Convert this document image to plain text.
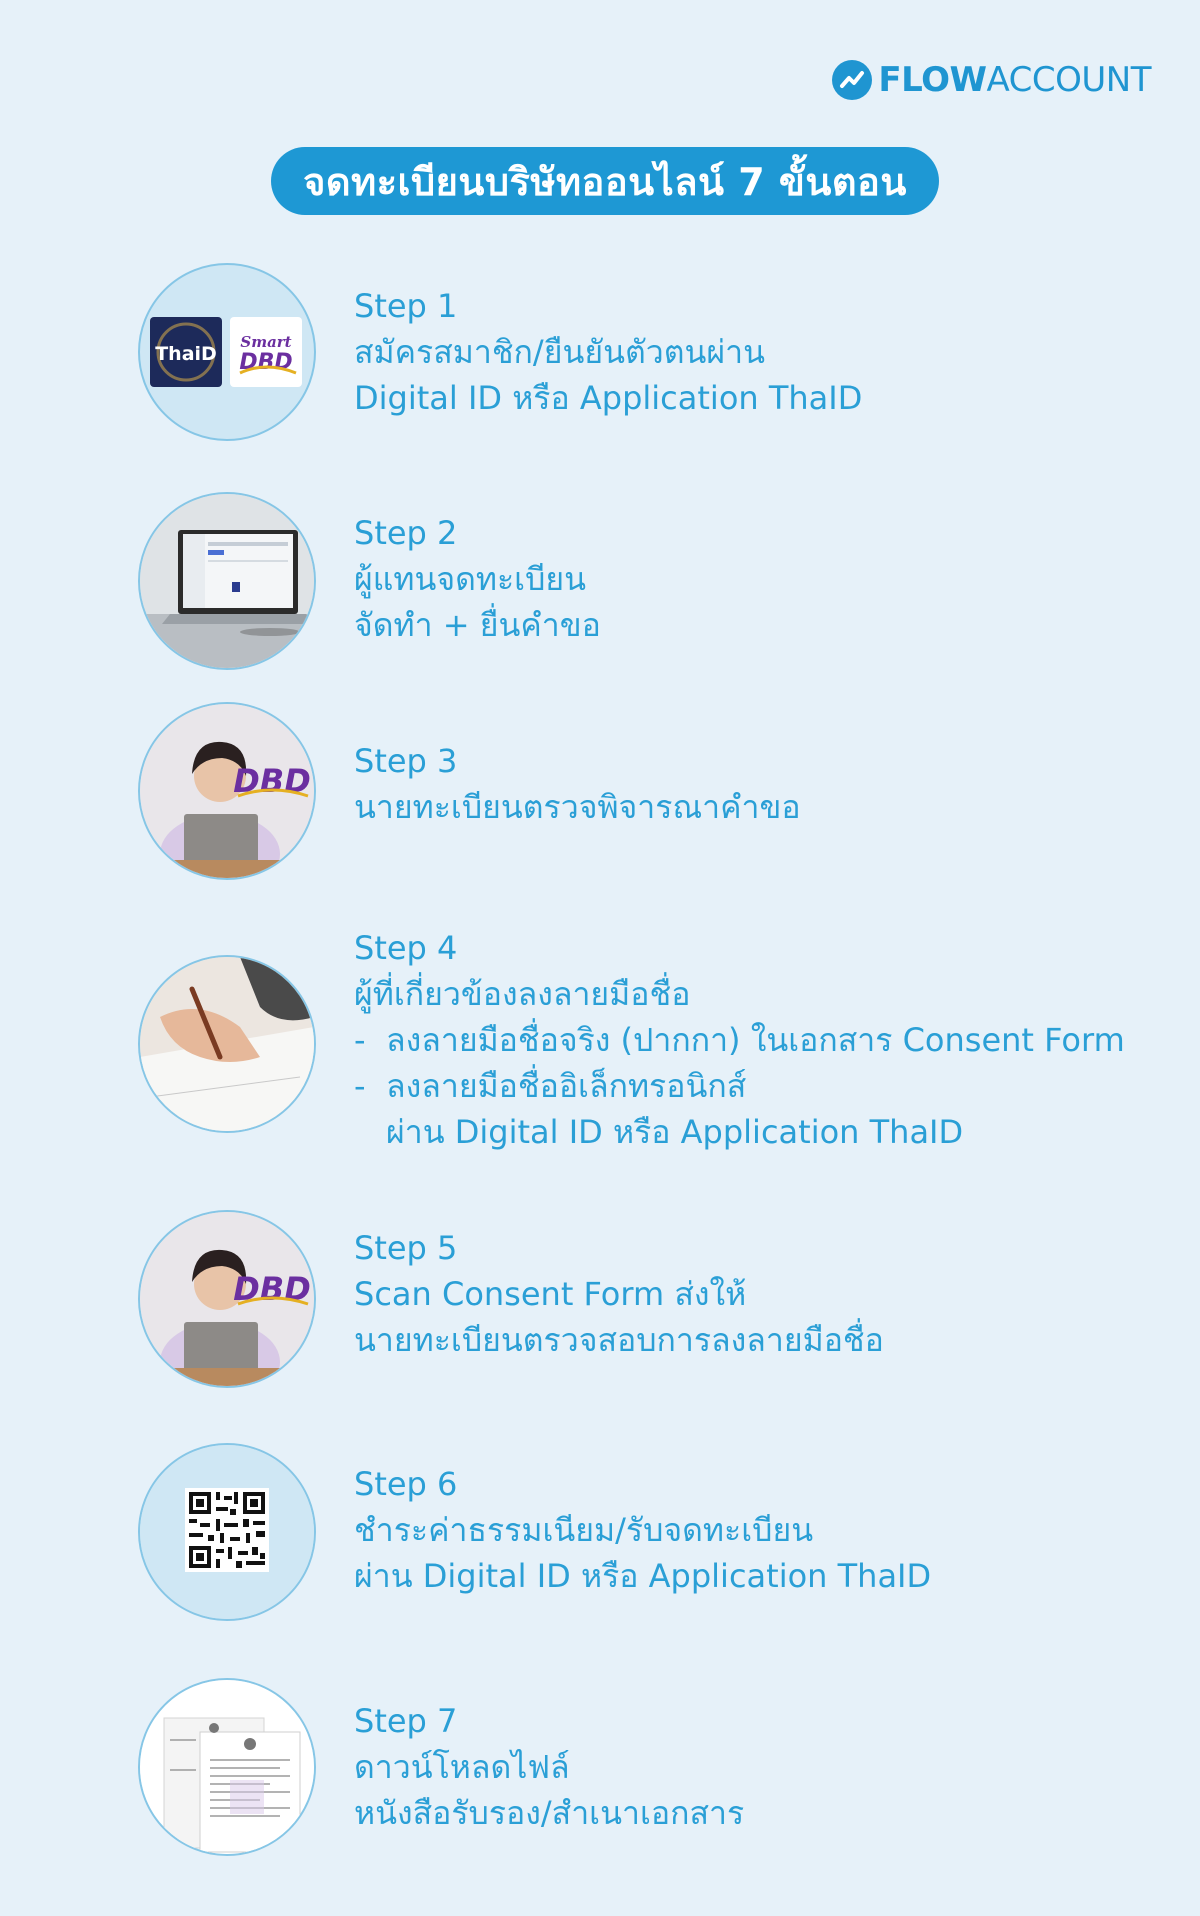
FLOWACCOUNT
จดทะเบียนบริษัทออนไลน์ 7 ขั้นตอน
ThaiD
Smart
DBD
Step 1
สมัครสมาชิก/ยืนยันตัวตนผ่าน
Digital ID หรือ Application ThaID
Step 2
ผู้แทนจดทะเบียน
จัดทำ + ยื่นคำขอ
DBD
Step 3
นายทะเบียนตรวจพิจารณาคำขอ
Step 4
ผู้ที่เกี่ยวข้องลงลายมือชื่อ
- ลงลายมือชื่อจริง (ปากกา) ในเอกสาร Consent Form
- ลงลายมือชื่ออิเล็กทรอนิกส์
ผ่าน Digital ID หรือ Application ThaID
DBD
Step 5
Scan Consent Form ส่งให้
นายทะเบียนตรวจสอบการลงลายมือชื่อ
Step 6
ชำระค่าธรรมเนียม/รับจดทะเบียน
ผ่าน Digital ID หรือ Application ThaID
Step 7
ดาวน์โหลดไฟล์
หนังสือรับรอง/สำเนาเอกสาร
